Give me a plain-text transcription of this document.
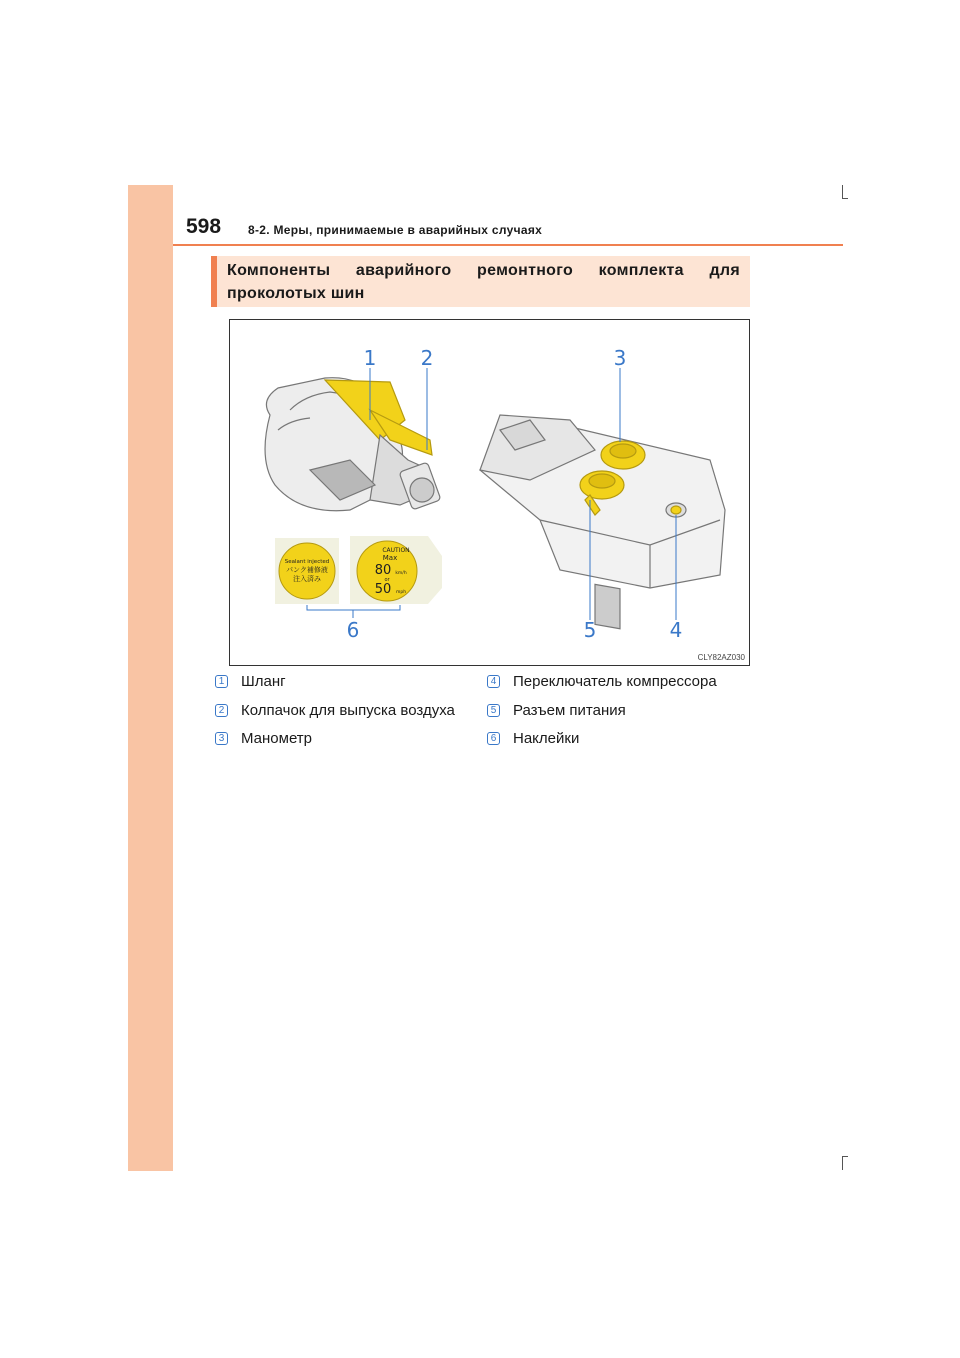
598 8-2. Меры, принимаемые в аварийных случаях
Компоненты аварийного ремонтного комплекта для проколотых шин
Sealant injected
パンク補修液
注入済み
CAUTION
Max
80 km/h
or
50 mph
1 2	3
4
5
6
CLY82AZ030
1 Шланг
2 Колпачок для выпуска воздуха
3 Манометр
4 Переключатель компрессора
5 Разъем питания
6 Наклейки
